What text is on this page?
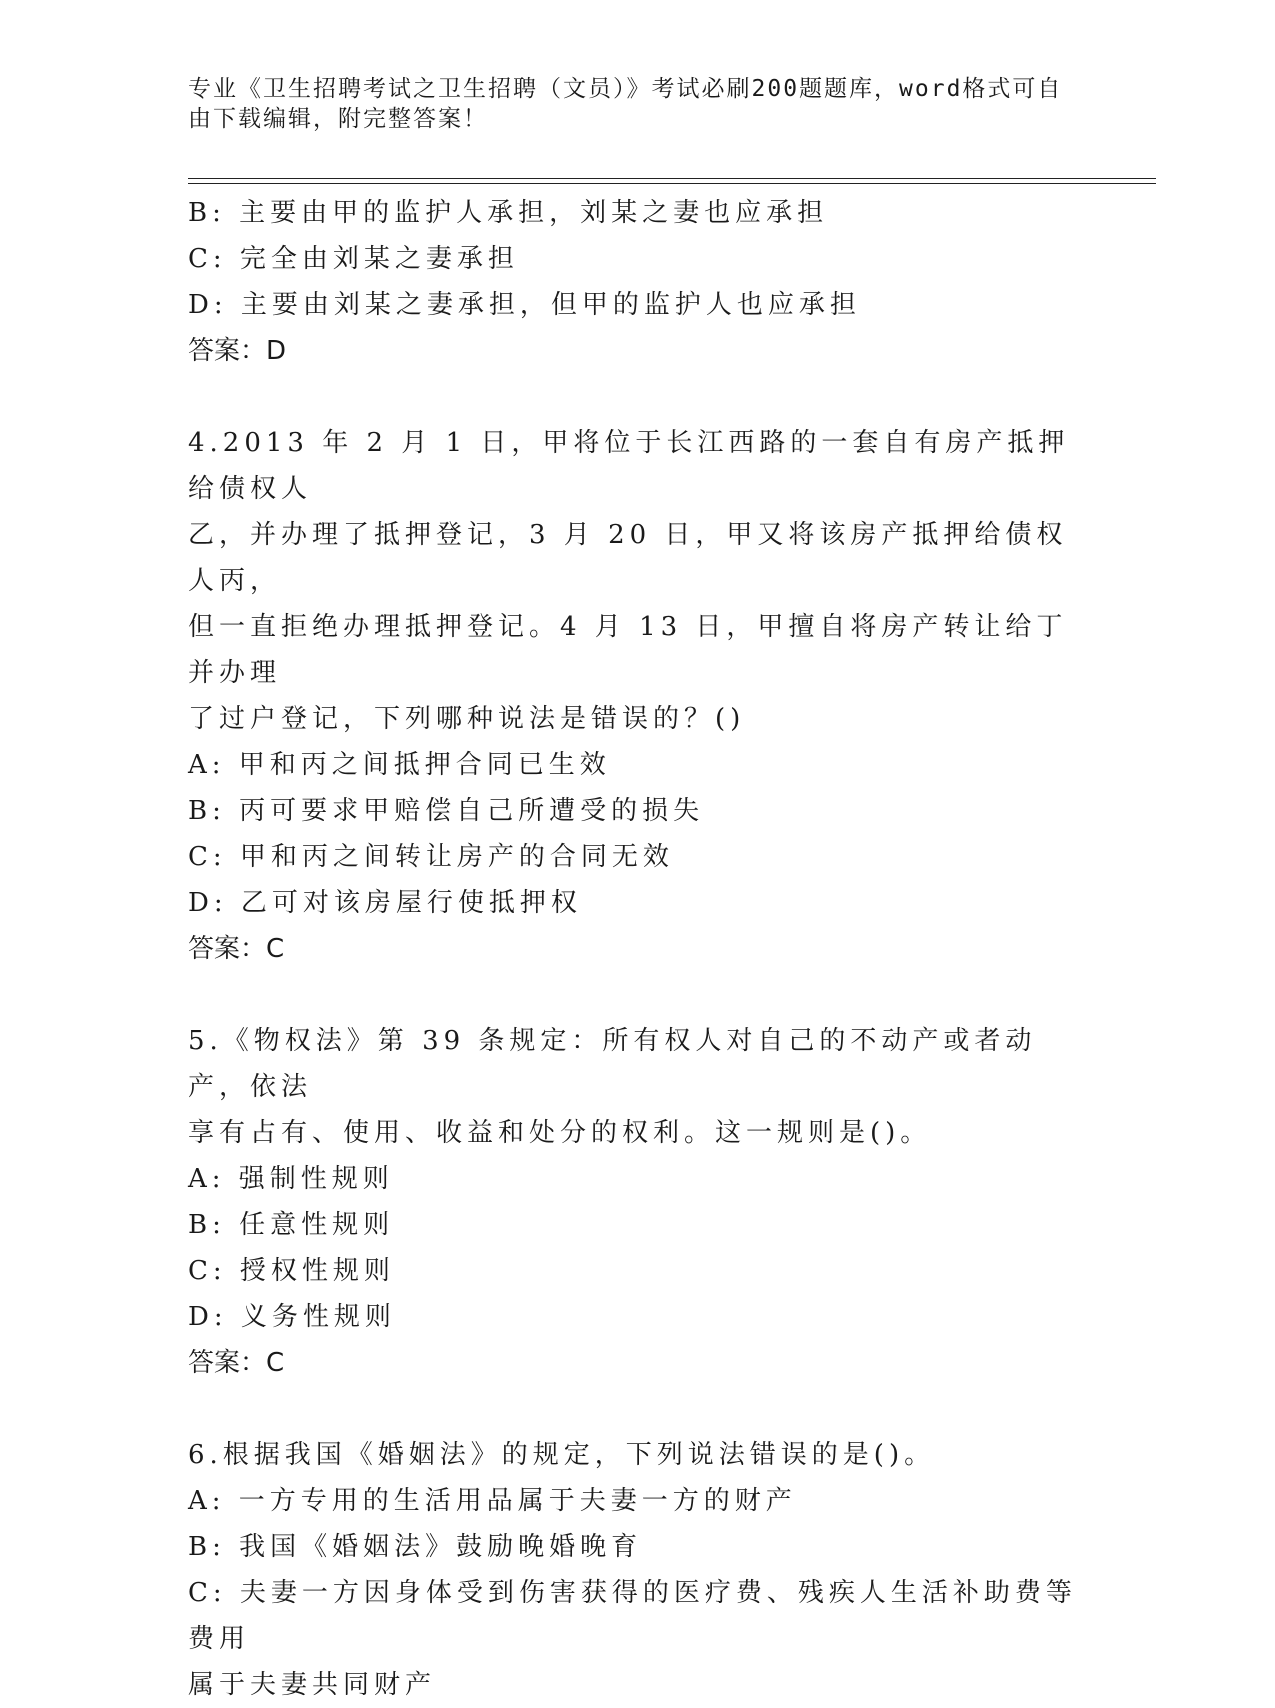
专业《卫生招聘考试之卫生招聘（文员）》考试必刷200题题库，word格式可自
由下载编辑，附完整答案！

B: 主要由甲的监护人承担，刘某之妻也应承担

C: 完全由刘某之妻承担

D: 主要由刘某之妻承担，但甲的监护人也应承担

答案：D

4.2013 年 2 月 1 日，甲将位于长江西路的一套自有房产抵押给债权人

乙，并办理了抵押登记，3 月 20 日，甲又将该房产抵押给债权人丙，

但一直拒绝办理抵押登记。4 月 13 日，甲擅自将房产转让给丁并办理

了过户登记，下列哪种说法是错误的？()

A: 甲和丙之间抵押合同已生效

B: 丙可要求甲赔偿自己所遭受的损失

C: 甲和丙之间转让房产的合同无效

D: 乙可对该房屋行使抵押权

答案：C

5.《物权法》第 39 条规定：所有权人对自己的不动产或者动产，依法

享有占有、使用、收益和处分的权利。这一规则是()。

A: 强制性规则

B: 任意性规则

C: 授权性规则

D: 义务性规则

答案：C

6.根据我国《婚姻法》的规定，下列说法错误的是()。

A: 一方专用的生活用品属于夫妻一方的财产

B: 我国《婚姻法》鼓励晚婚晚育

C: 夫妻一方因身体受到伤害获得的医疗费、残疾人生活补助费等费用

属于夫妻共同财产
